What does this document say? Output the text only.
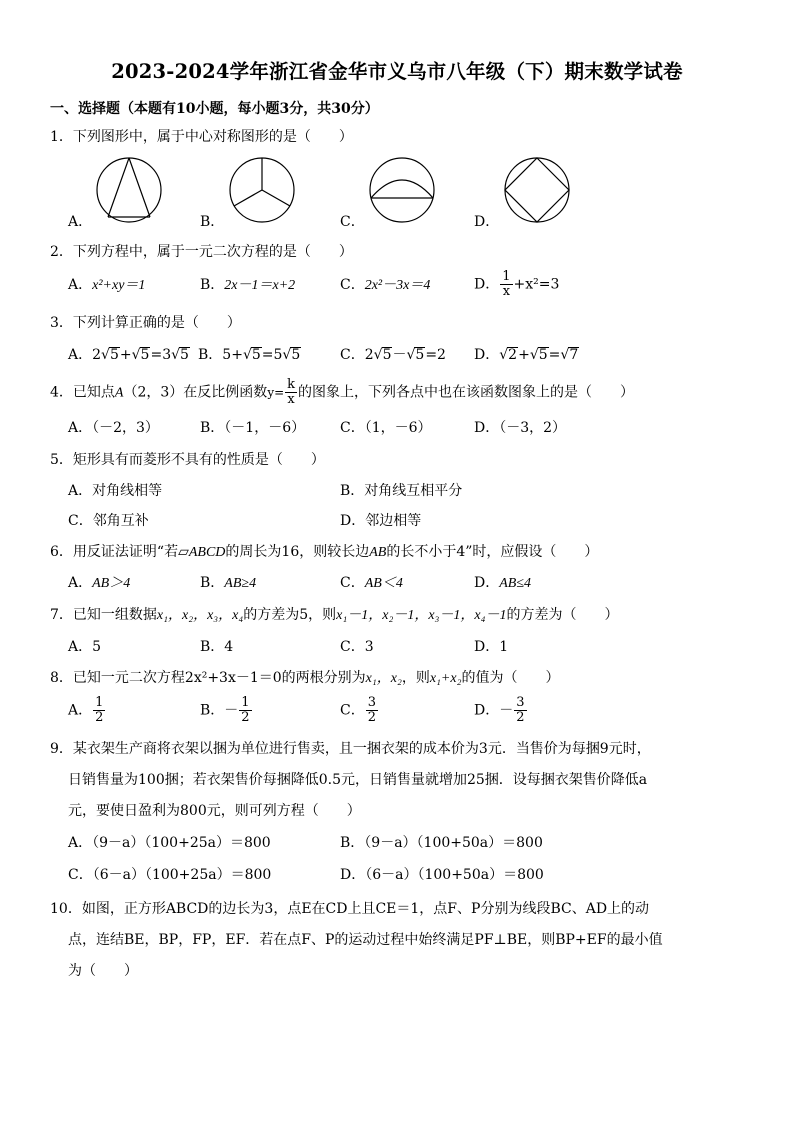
2023-2024学年浙江省金华市义乌市八年级（下）期末数学试卷
一、选择题（本题有10小题，每小题3分，共30分）
1．下列图形中，属于中心对称图形的是（　　）
A．	B．	C．	D．
2．下列方程中，属于一元二次方程的是（　　）
A．x²+xy＝1	B．2x－1＝x+2	C．2x²－3x＝4	D． $\frac{1}{x} +x^2=3$
3．下列计算正确的是（　　）
A．2√5+√5=3√5 B．5+√5=5√5	C．2√5－√5=2 D．√2+√5=√7
4．已知点A（2，3）在反比例函数$y= \frac{k}{x}$ 的图象上，下列各点中也在该函数图象上的是（　　）
A．（－2，3）	B．（－1，－6） C．（1，－6）	D．（－3，2）
5．矩形具有而菱形不具有的性质是（　　）
A．对角线相等	B．对角线互相平分
C．邻角互补	D．邻边相等
6．用反证法证明“若▱ABCD的周长为16，则较长边AB的长不小于4”时，应假设（　　）
A．AB＞4	B．AB≥4	C．AB＜4	D．AB≤4
7．已知一组数据x₁，x₂，x₃，x₄的方差为5，则x₁－1，x₂－1，x₃－1，x₄－1的方差为（　　）
A．5	B．4	C．3	D．1
8．已知一元二次方程2x²+3x－1＝0的两根分别为x₁，x₂，则x₁+x₂的值为（　　）
A． $\frac{1}{2}$	B．－ $\frac{1}{2}$	C． $\frac{3}{2}$	D．－ $\frac{3}{2}$
9．某衣架生产商将衣架以捆为单位进行售卖，且一捆衣架的成本价为3元．当售价为每捆9元时，

日销售量为100捆；若衣架售价每捆降低0.5元，日销售量就增加25捆．设每捆衣架售价降低a
元，要使日盈利为800元，则可列方程（　　）
A．（9－a）（100+25a）＝800	B．（9－a）（100+50a）＝800
C．（6－a）（100+25a）＝800	D．（6－a）（100+50a）＝800
10．如图，正方形ABCD的边长为3，点E在CD上且CE＝1，点F、P分别为线段BC、AD上的动

点，连结BE，BP，FP，EF．若在点F、P的运动过程中始终满足PF⊥BE，则BP+EF的最小值
为（　　）
